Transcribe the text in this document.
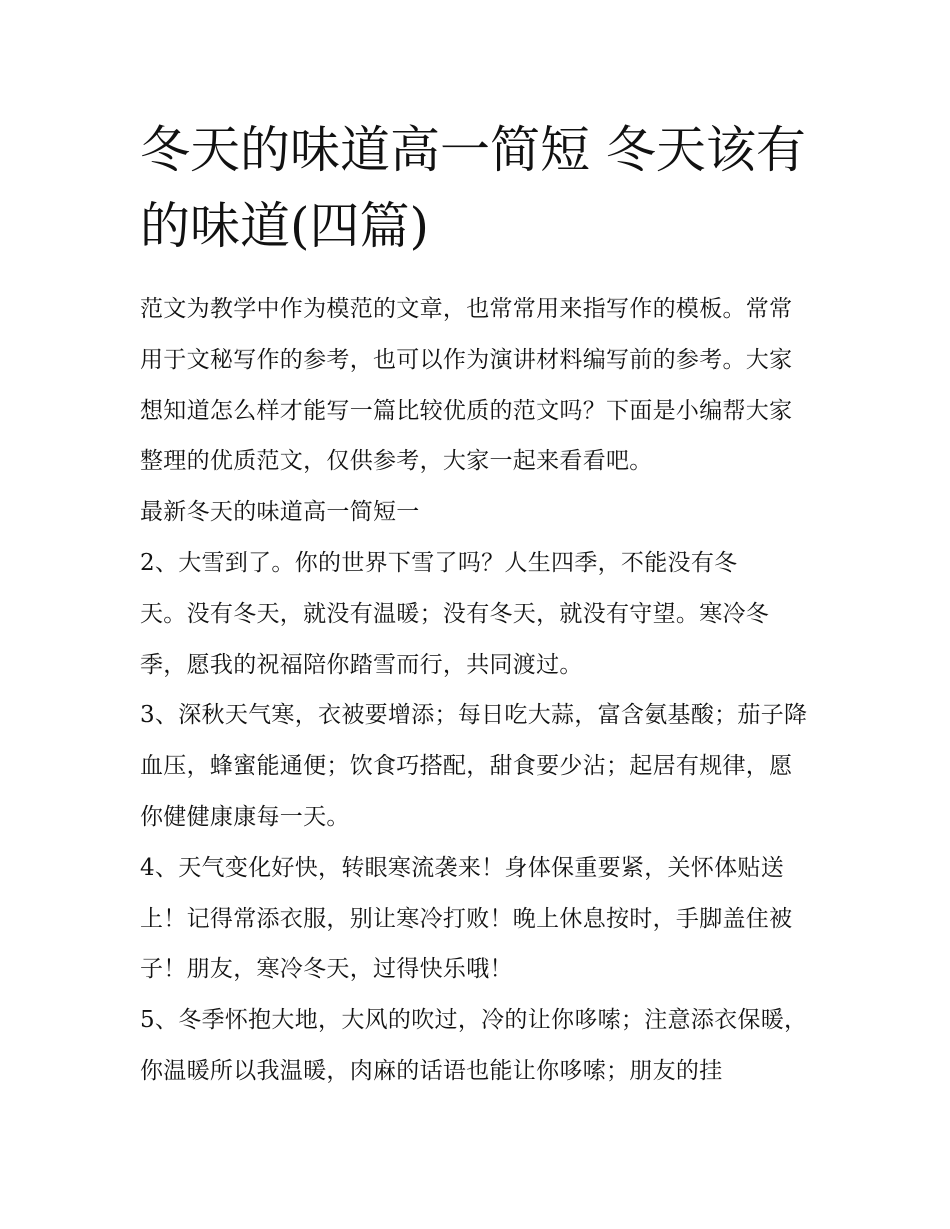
冬天的味道高一简短 冬天该有的味道(四篇)

范文为教学中作为模范的文章，也常常用来指写作的模板。常常用于文秘写作的参考，也可以作为演讲材料编写前的参考。大家想知道怎么样才能写一篇比较优质的范文吗？下面是小编帮大家整理的优质范文，仅供参考，大家一起来看看吧。

最新冬天的味道高一简短一

2、大雪到了。你的世界下雪了吗？人生四季，不能没有冬
天。没有冬天，就没有温暖；没有冬天，就没有守望。寒冷冬季，愿我的祝福陪你踏雪而行，共同渡过。

3、深秋天气寒，衣被要增添；每日吃大蒜，富含氨基酸；茄子降血压，蜂蜜能通便；饮食巧搭配，甜食要少沾；起居有规律，愿你健健康康每一天。

4、天气变化好快，转眼寒流袭来！身体保重要紧，关怀体贴送上！记得常添衣服，别让寒冷打败！晚上休息按时，手脚盖住被子！朋友，寒冷冬天，过得快乐哦！

5、冬季怀抱大地，大风的吹过，冷的让你哆嗦；注意添衣保暖，你温暖所以我温暖，肉麻的话语也能让你哆嗦；朋友的挂
